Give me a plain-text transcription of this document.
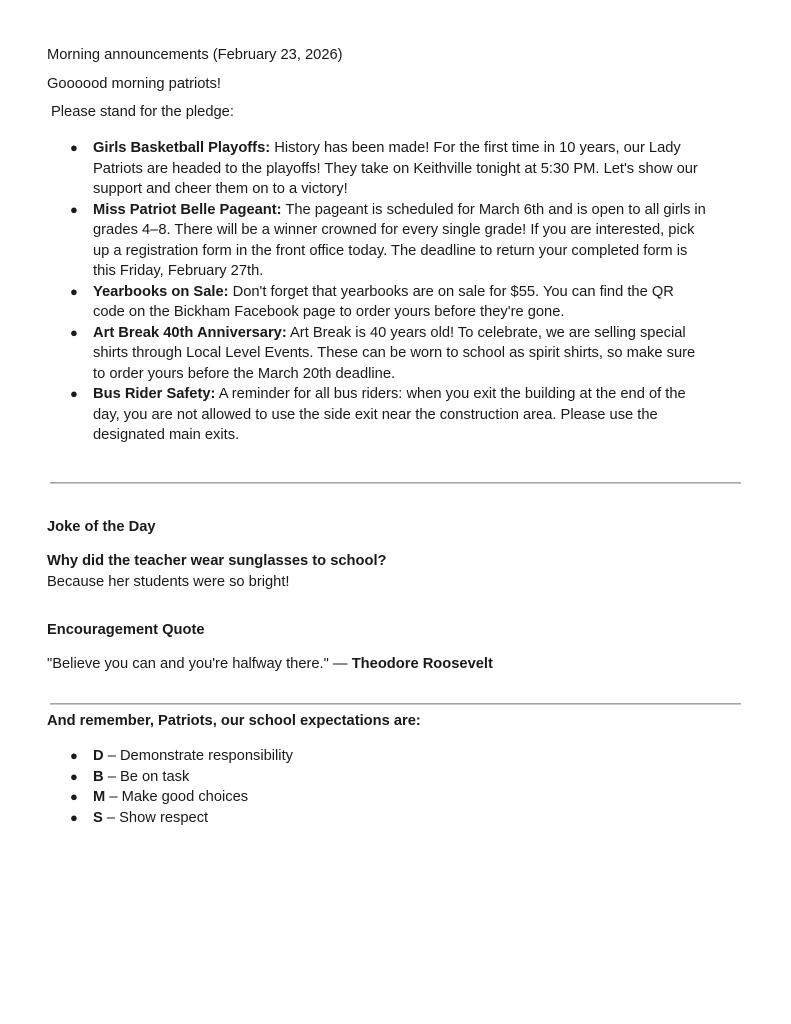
Morning announcements (February 23, 2026)
Goooood morning patriots!
Please stand for the pledge:
● Girls Basketball Playoffs: History has been made! For the first time in 10 years, our Lady
Patriots are headed to the playoffs! They take on Keithville tonight at 5:30 PM. Let's show our
support and cheer them on to a victory!
● Miss Patriot Belle Pageant: The pageant is scheduled for March 6th and is open to all girls in
grades 4–8. There will be a winner crowned for every single grade! If you are interested, pick
up a registration form in the front office today. The deadline to return your completed form is
this Friday, February 27th.
● Yearbooks on Sale: Don't forget that yearbooks are on sale for $55. You can find the QR
code on the Bickham Facebook page to order yours before they're gone.
● Art Break 40th Anniversary: Art Break is 40 years old! To celebrate, we are selling special
shirts through Local Level Events. These can be worn to school as spirit shirts, so make sure
to order yours before the March 20th deadline.
● Bus Rider Safety: A reminder for all bus riders: when you exit the building at the end of the
day, you are not allowed to use the side exit near the construction area. Please use the
designated main exits.
Joke of the Day
Why did the teacher wear sunglasses to school?
Because her students were so bright!
Encouragement Quote
"Believe you can and you're halfway there." — Theodore Roosevelt
And remember, Patriots, our school expectations are:
● D – Demonstrate responsibility
● B – Be on task
● M – Make good choices
● S – Show respect
